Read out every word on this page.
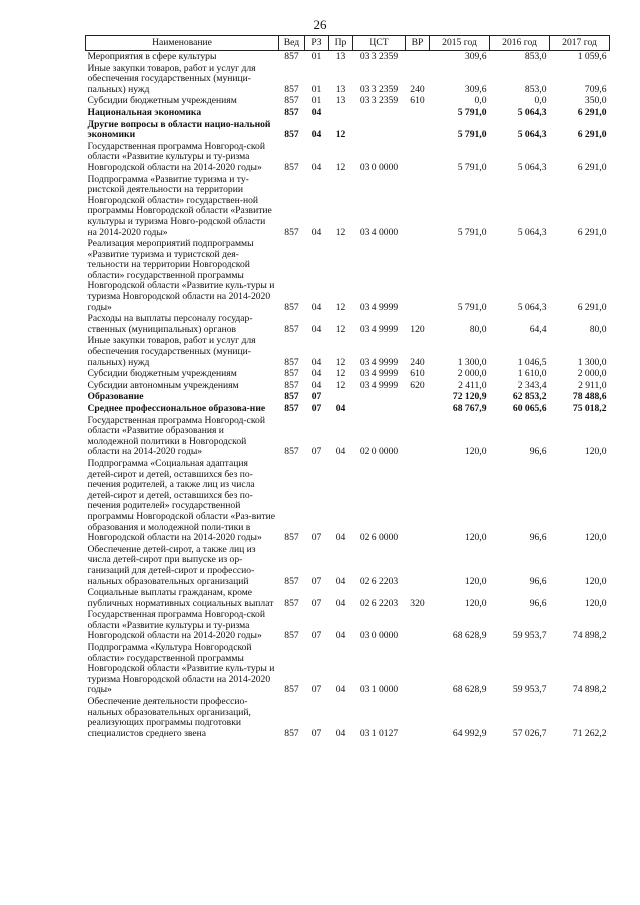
26
Наименование	Вед	РЗ	Пр	ЦСТ	ВР	2015 год	2016 год	2017 год
Мероприятия в сфере культуры	857	01	13	03 3 2359		309,6	853,0	1 059,6
Иные закупки товаров, работ и услуг для обеспечения государственных (муници-пальных) нужд	857	01	13	03 3 2359	240	309,6	853,0	709,6
Субсидии бюджетным учреждениям	857	01	13	03 3 2359	610	0,0	0,0	350,0
Национальная экономика	857	04				5 791,0	5 064,3	6 291,0
Другие вопросы в области нацио-нальной экономики	857	04	12			5 791,0	5 064,3	6 291,0
Государственная программа Новгород-ской области «Развитие культуры и ту-ризма Новгородской области на 2014-2020 годы»	857	04	12	03 0 0000		5 791,0	5 064,3	6 291,0
Подпрограмма «Развитие туризма и ту-ристской деятельности на территории Новгородской области» государствен-ной программы Новгородской области «Развитие культуры и туризма Новго-родской области на 2014-2020 годы»	857	04	12	03 4 0000		5 791,0	5 064,3	6 291,0
Реализация мероприятий подпрограммы «Развитие туризма и туристской дея-тельности на территории Новгородской области» государственной программы Новгородской области «Развитие куль-туры и туризма Новгородской области на 2014-2020 годы»	857	04	12	03 4 9999		5 791,0	5 064,3	6 291,0
Расходы на выплаты персоналу государ-ственных (муниципальных) органов	857	04	12	03 4 9999	120	80,0	64,4	80,0
Иные закупки товаров, работ и услуг для обеспечения государственных (муници-пальных) нужд	857	04	12	03 4 9999	240	1 300,0	1 046,5	1 300,0
Субсидии бюджетным учреждениям	857	04	12	03 4 9999	610	2 000,0	1 610,0	2 000,0
Субсидии автономным учреждениям	857	04	12	03 4 9999	620	2 411,0	2 343,4	2 911,0
Образование	857	07				72 120,9	62 853,2	78 488,6
Среднее профессиональное образова-ние	857	07	04			68 767,9	60 065,6	75 018,2
Государственная программа Новгород-ской области «Развитие образования и молодежной политики в Новгородской области на 2014-2020 годы»	857	07	04	02 0 0000		120,0	96,6	120,0
Подпрограмма «Социальная адаптация детей-сирот и детей, оставшихся без по-печения родителей, а также лиц из числа детей-сирот и детей, оставшихся без по-печения родителей» государственной программы Новгородской области «Раз-витие образования и молодежной поли-тики в Новгородской области на 2014-2020 годы»	857	07	04	02 6 0000		120,0	96,6	120,0
Обеспечение детей-сирот, а также лиц из числа детей-сирот при выпуске из ор-ганизаций для детей-сирот и профессио-нальных образовательных организаций	857	07	04	02 6 2203		120,0	96,6	120,0
Социальные выплаты гражданам, кроме публичных нормативных социальных выплат	857	07	04	02 6 2203	320	120,0	96,6	120,0
Государственная программа Новгород-ской области «Развитие культуры и ту-ризма Новгородской области на 2014-2020 годы»	857	07	04	03 0 0000		68 628,9	59 953,7	74 898,2
Подпрограмма «Культура Новгородской области» государственной программы Новгородской области «Развитие куль-туры и туризма Новгородской области на 2014-2020 годы»	857	07	04	03 1 0000		68 628,9	59 953,7	74 898,2
Обеспечение деятельности профессио-нальных образовательных организаций, реализующих программы подготовки специалистов среднего звена	857	07	04	03 1 0127		64 992,9	57 026,7	71 262,2
